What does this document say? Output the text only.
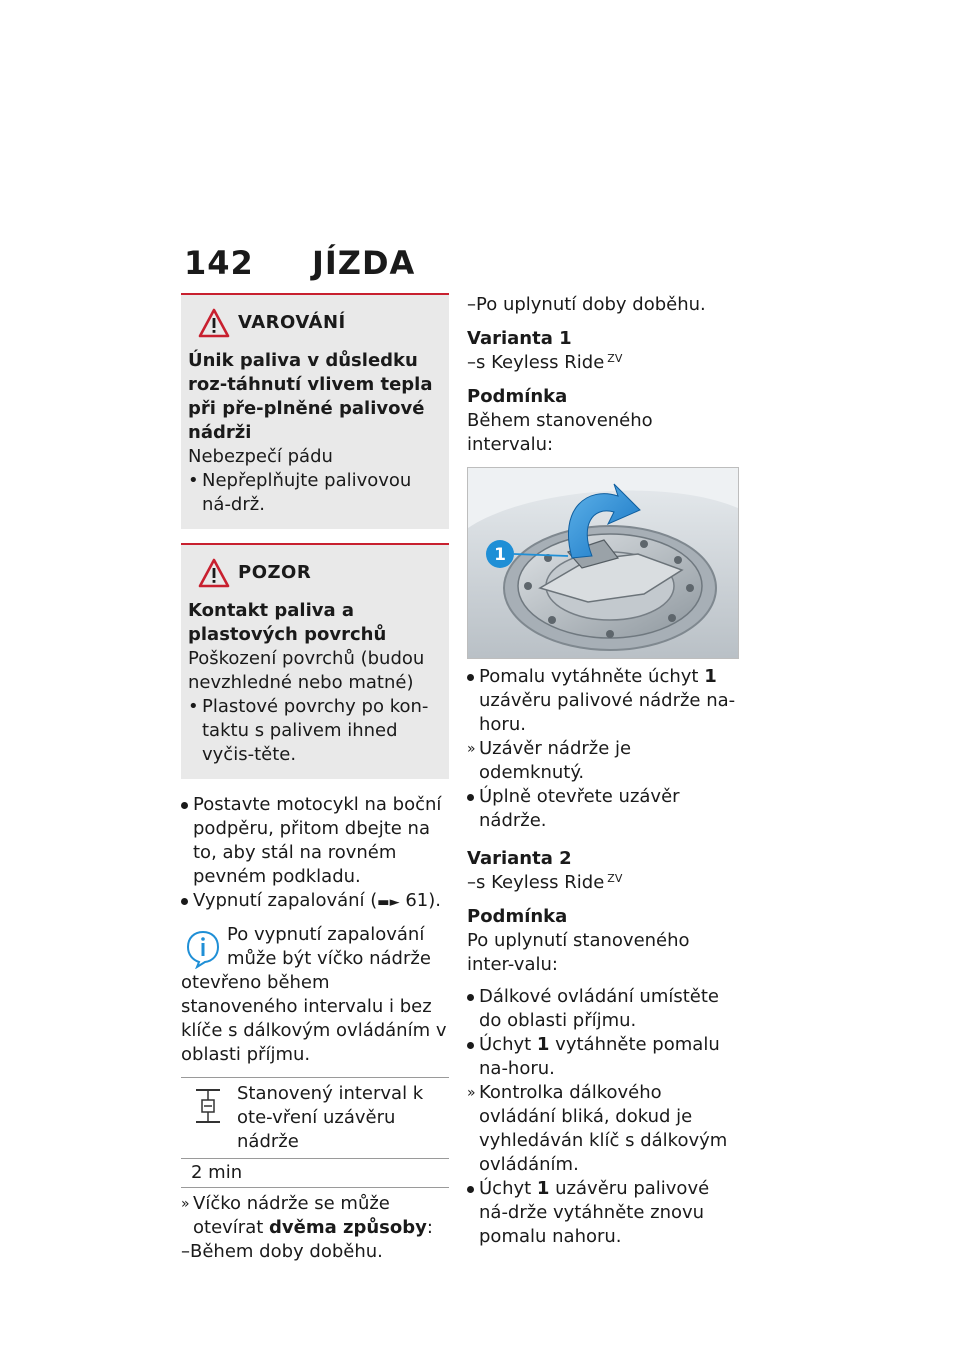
142 JÍZDA
VAROVÁNÍ

Únik paliva v důsledku roz-táhnutí vlivem tepla při pře-plněné palivové nádrži

Nebezpečí pádu

• Nepřeplňujte palivovou ná-drž.

POZOR

Kontakt paliva a plastových povrchů

Poškození povrchů (budou nevzhledné nebo matné)

• Plastové povrchy po kon-taktu s palivem ihned vyčis-těte.

Postavte motocykl na boční podpěru, přitom dbejte na to, aby stál na rovném pevném podkladu.

Vypnutí zapalování (▬► 61).

Po vypnutí zapalování může být víčko nádrže

otevřeno během stanoveného intervalu i bez klíče s dálkovým ovládáním v oblasti příjmu.

Stanovený interval k ote-vření uzávěru nádrže
2 min

» Víčko nádrže se může otevírat dvěma způsoby:

–Během doby doběhu.

–Po uplynutí doby doběhu.

Varianta 1

–s Keyless Ride $^{ZV}$

Podmínka

Během stanoveného intervalu:

1

Pomalu vytáhněte úchyt 1 uzávěru palivové nádrže na-horu.

» Uzávěr nádrže je odemknutý.

Úplně otevřete uzávěr nádrže.

Varianta 2

–s Keyless Ride $^{ZV}$

Podmínka

Po uplynutí stanoveného inter-valu:

Dálkové ovládání umístěte do oblasti příjmu.

Úchyt 1 vytáhněte pomalu na-horu.

» Kontrolka dálkového ovládání bliká, dokud je vyhledáván klíč s dálkovým ovládáním.

Úchyt 1 uzávěru palivové ná-drže vytáhněte znovu pomalu nahoru.
